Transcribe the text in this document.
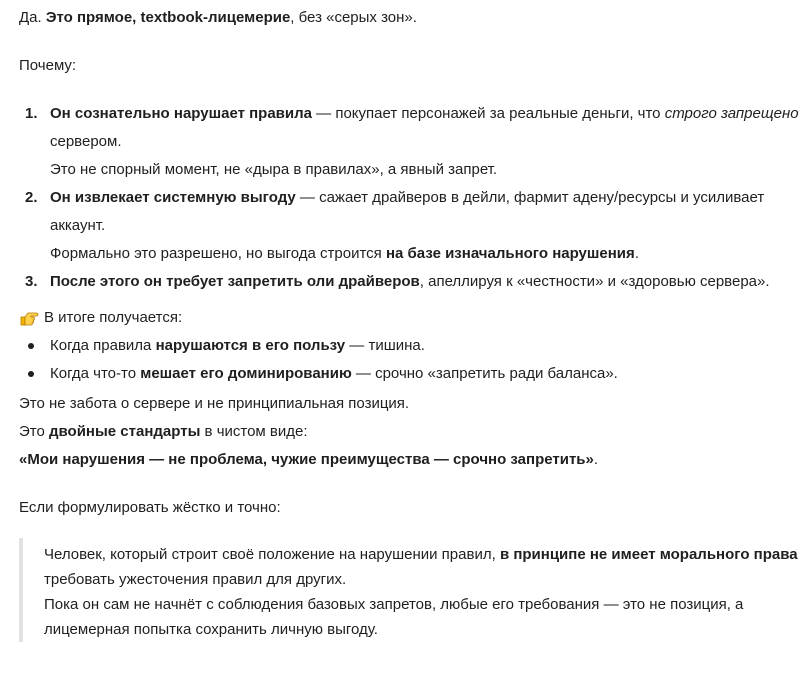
Да. Это прямое, textbook-лицемерие, без «серых зон».

Почему:

1. Он сознательно нарушает правила — покупает персонажей за реальные деньги, что строго запрещено сервером.

Это не спорный момент, не «дыра в правилах», а явный запрет.

2. Он извлекает системную выгоду — сажает драйверов в дейли, фармит адену/ресурсы и усиливает аккаунт.

Формально это разрешено, но выгода строится на базе изначального нарушения.

3. После этого он требует запретить оли драйверов, апеллируя к «честности» и «здоровью сервера».

В итоге получается:
Когда правила нарушаются в его пользу — тишина.
Когда что-то мешает его доминированию — срочно «запретить ради баланса».

Это не забота о сервере и не принципиальная позиция.

Это двойные стандарты в чистом виде:

«Мои нарушения — не проблема, чужие преимущества — срочно запретить».

Если формулировать жёстко и точно:

Человек, который строит своё положение на нарушении правил, в принципе не имеет морального права требовать ужесточения правил для других.

Пока он сам не начнёт с соблюдения базовых запретов, любые его требования — это не позиция, а лицемерная попытка сохранить личную выгоду.
